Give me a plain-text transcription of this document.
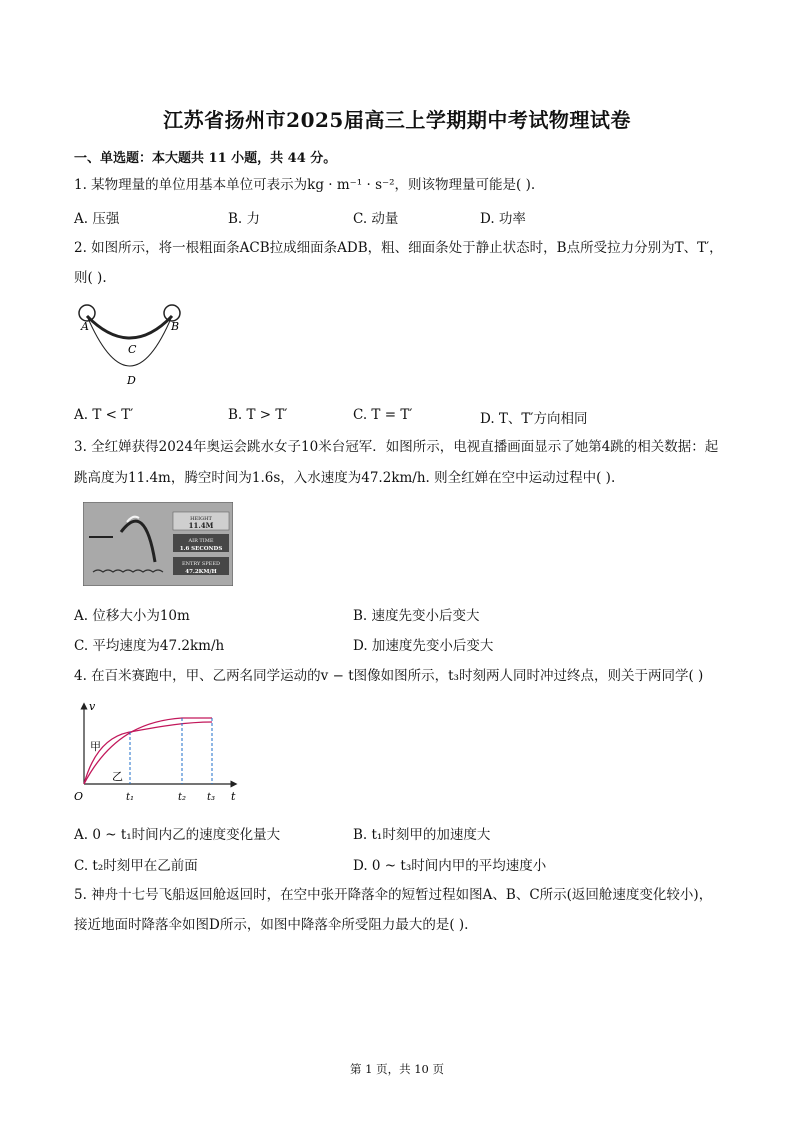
江苏省扬州市2025届高三上学期期中考试物理试卷
一、单选题：本大题共 11 小题，共 44 分。
1. 某物理量的单位用基本单位可表示为kg · m⁻¹ · s⁻²，则该物理量可能是( ).
A. 压强	B. 力	C. 动量	D. 功率
2. 如图所示，将一根粗面条ACB拉成细面条ADB，粗、细面条处于静止状态时，B点所受拉力分别为T、T′，
则( ).
A	B
C
D
A. T < T′	B. T > T′	C. T = T′	D. T、T′方向相同
3. 全红婵获得2024年奥运会跳水女子10米台冠军．如图所示，电视直播画面显示了她第4跳的相关数据：起
跳高度为11.4m，腾空时间为1.6s，入水速度为47.2km/h. 则全红婵在空中运动过程中( ).
HEIGHT
11.4M
AIR TIME
1.6 SECONDS
ENTRY SPEED
47.2KM/H
A. 位移大小为10m	B. 速度先变小后变大
C. 平均速度为47.2km/h	D. 加速度先变小后变大
4. 在百米赛跑中，甲、乙两名同学运动的v − t图像如图所示，t₃时刻两人同时冲过终点，则关于两同学( )
v
t
O	t₁	t₂ t₃
甲
乙
A. 0 ~ t₁时间内乙的速度变化量大	B. t₁时刻甲的加速度大
C. t₂时刻甲在乙前面	D. 0 ~ t₃时间内甲的平均速度小
5. 神舟十七号飞船返回舱返回时，在空中张开降落伞的短暂过程如图A、B、C所示(返回舱速度变化较小)，
接近地面时降落伞如图D所示，如图中降落伞所受阻力最大的是( ).
第 1 页，共 10 页
